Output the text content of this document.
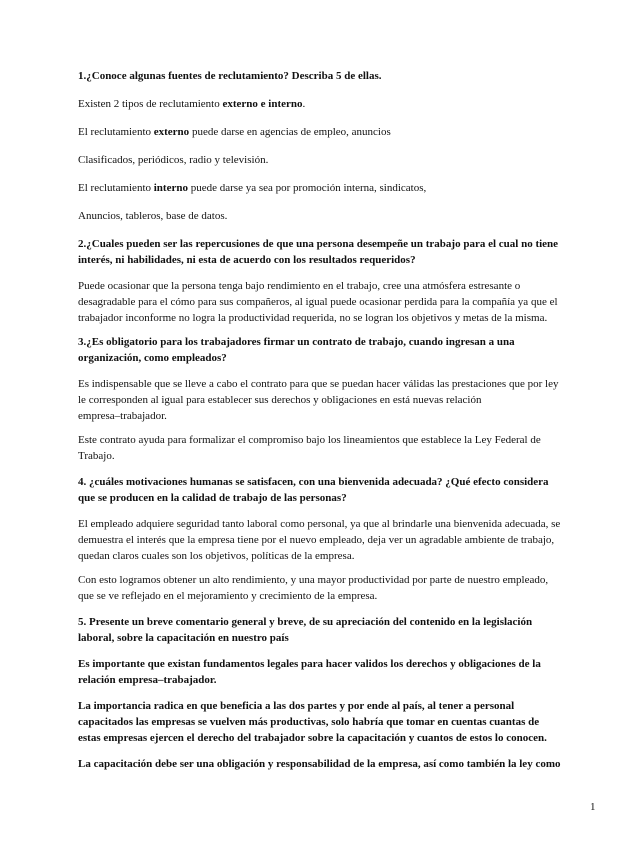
1.¿Conoce algunas fuentes de reclutamiento? Describa 5 de ellas.

Existen 2 tipos de reclutamiento externo e interno.

El reclutamiento externo puede darse en agencias de empleo, anuncios

Clasificados, periódicos, radio y televisión.

El reclutamiento interno puede darse ya sea por promoción interna, sindicatos,

Anuncios, tableros, base de datos.

2.¿Cuales pueden ser las repercusiones de que una persona desempeñe un trabajo para el cual no tiene
interés, ni habilidades, ni esta de acuerdo con los resultados requeridos?
Puede ocasionar que la persona tenga bajo rendimiento en el trabajo, cree una atmósfera estresante o
desagradable para el cómo para sus compañeros, al igual puede ocasionar perdida para la compañía ya que el
trabajador inconforme no logra la productividad requerida, no se logran los objetivos y metas de la misma.
3.¿Es obligatorio para los trabajadores firmar un contrato de trabajo, cuando ingresan a una
organización, como empleados?
Es indispensable que se lleve a cabo el contrato para que se puedan hacer válidas las prestaciones que por ley
le corresponden al igual para establecer sus derechos y obligaciones en está nuevas relación
empresa–trabajador.
Este contrato ayuda para formalizar el compromiso bajo los lineamientos que establece la Ley Federal de
Trabajo.
4. ¿cuáles motivaciones humanas se satisfacen, con una bienvenida adecuada? ¿Qué efecto considera
que se producen en la calidad de trabajo de las personas?
El empleado adquiere seguridad tanto laboral como personal, ya que al brindarle una bienvenida adecuada, se
demuestra el interés que la empresa tiene por el nuevo empleado, deja ver un agradable ambiente de trabajo,
quedan claros cuales son los objetivos, políticas de la empresa.
Con esto logramos obtener un alto rendimiento, y una mayor productividad por parte de nuestro empleado,
que se ve reflejado en el mejoramiento y crecimiento de la empresa.
5. Presente un breve comentario general y breve, de su apreciación del contenido en la legislación
laboral, sobre la capacitación en nuestro país
Es importante que existan fundamentos legales para hacer validos los derechos y obligaciones de la
relación empresa–trabajador.
La importancia radica en que beneficia a las dos partes y por ende al país, al tener a personal
capacitados las empresas se vuelven más productivas, solo habría que tomar en cuentas cuantas de
estas empresas ejercen el derecho del trabajador sobre la capacitación y cuantos de estos lo conocen.
La capacitación debe ser una obligación y responsabilidad de la empresa, así como también la ley como
1
